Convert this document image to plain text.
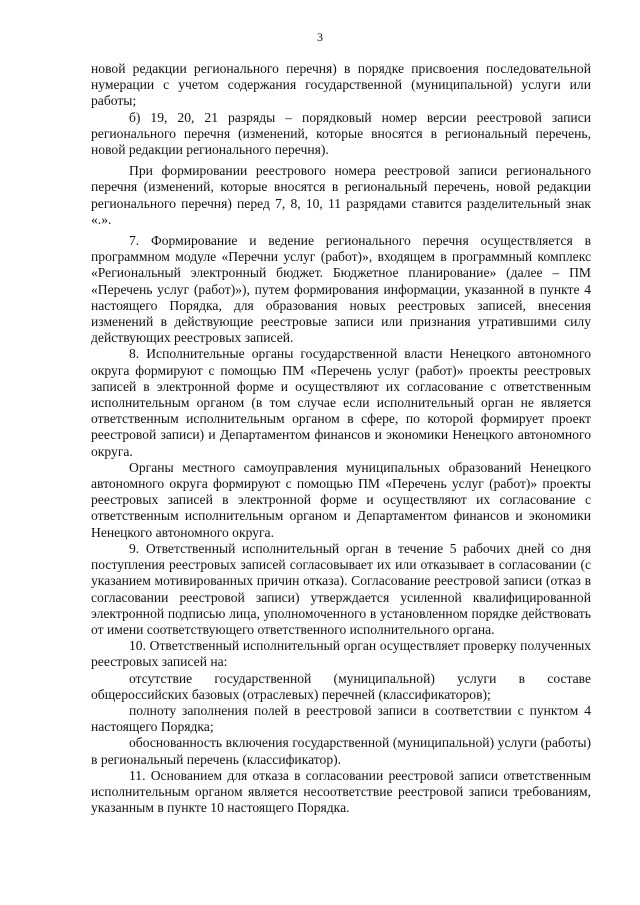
3

новой редакции регионального перечня) в порядке присвоения последовательной нумерации с учетом содержания государственной (муниципальной) услуги или работы;

б) 19, 20, 21 разряды – порядковый номер версии реестровой записи регионального перечня (изменений, которые вносятся в региональный перечень, новой редакции регионального перечня).

При формировании реестрового номера реестровой записи регионального перечня (изменений, которые вносятся в региональный перечень, новой редакции регионального перечня) перед 7, 8, 10, 11 разрядами ставится разделительный знак «.».

7. Формирование и ведение регионального перечня осуществляется в программном модуле «Перечни услуг (работ)», входящем в программный комплекс «Региональный электронный бюджет. Бюджетное планирование» (далее – ПМ «Перечень услуг (работ)»), путем формирования информации, указанной в пункте 4 настоящего Порядка, для образования новых реестровых записей, внесения изменений в действующие реестровые записи или признания утратившими силу действующих реестровых записей.

8. Исполнительные органы государственной власти Ненецкого автономного округа формируют с помощью ПМ «Перечень услуг (работ)» проекты реестровых записей в электронной форме и осуществляют их согласование с ответственным исполнительным органом (в том случае если исполнительный орган не является ответственным исполнительным органом в сфере, по которой формирует проект реестровой записи) и Департаментом финансов и экономики Ненецкого автономного округа.

Органы местного самоуправления муниципальных образований Ненецкого автономного округа формируют с помощью ПМ «Перечень услуг (работ)» проекты реестровых записей в электронной форме и осуществляют их согласование с ответственным исполнительным органом и Департаментом финансов и экономики Ненецкого автономного округа.

9. Ответственный исполнительный орган в течение 5 рабочих дней со дня поступления реестровых записей согласовывает их или отказывает в согласовании (с указанием мотивированных причин отказа). Согласование реестровой записи (отказ в согласовании реестровой записи) утверждается усиленной квалифицированной электронной подписью лица, уполномоченного в установленном порядке действовать от имени соответствующего ответственного исполнительного органа.

10. Ответственный исполнительный орган осуществляет проверку полученных реестровых записей на:

отсутствие государственной (муниципальной) услуги в составе общероссийских базовых (отраслевых) перечней (классификаторов);

полноту заполнения полей в реестровой записи в соответствии с пунктом 4 настоящего Порядка;

обоснованность включения государственной (муниципальной) услуги (работы) в региональный перечень (классификатор).

11. Основанием для отказа в согласовании реестровой записи ответственным исполнительным органом является несоответствие реестровой записи требованиям, указанным в пункте 10 настоящего Порядка.
